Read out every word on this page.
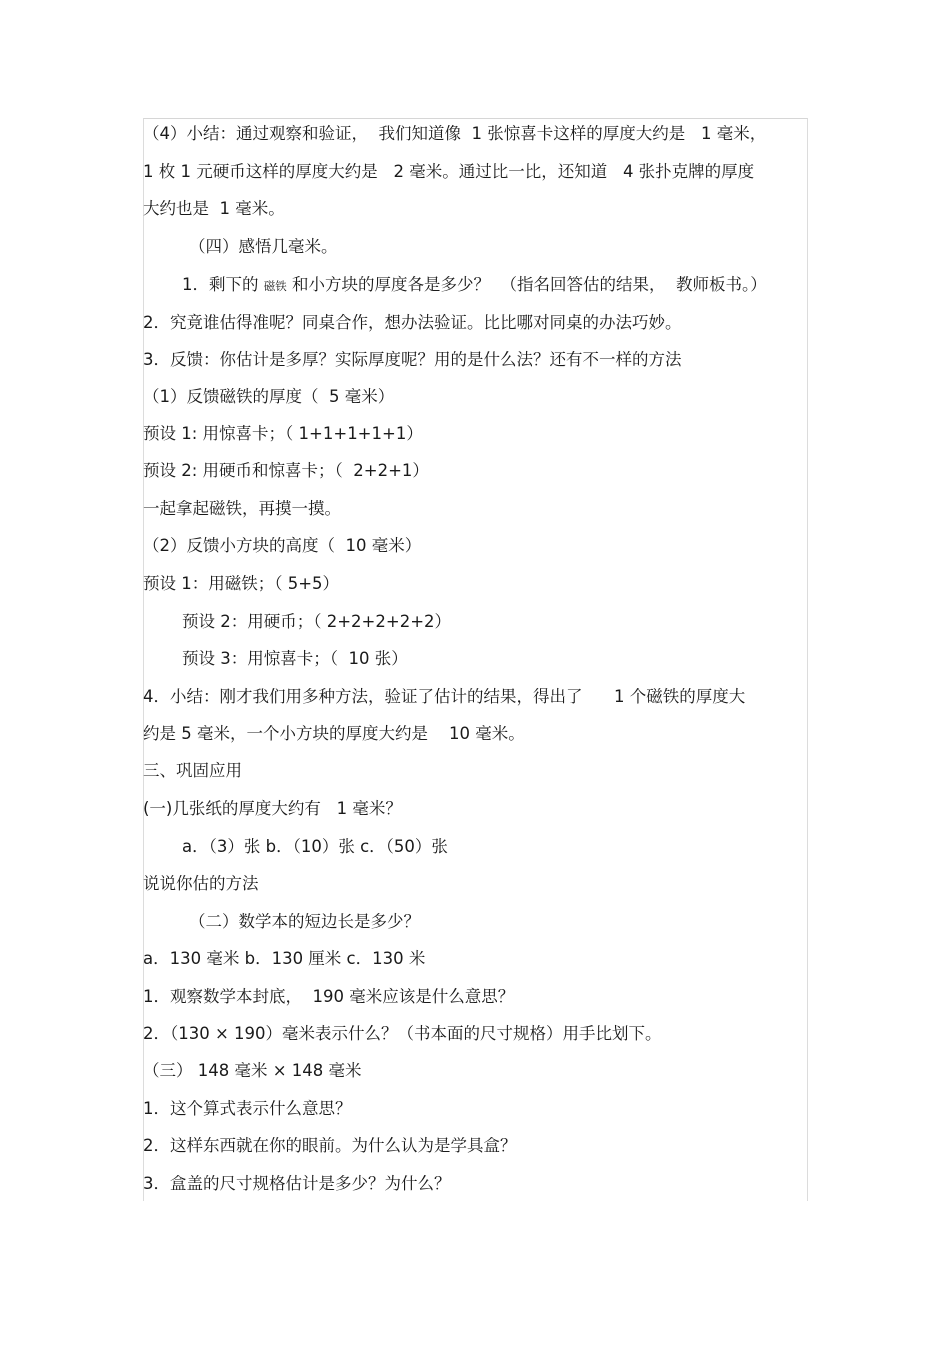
（4）小结：通过观察和验证，  我们知道像  1 张惊喜卡这样的厚度大约是   1 毫米，
1 枚 1 元硬币这样的厚度大约是   2 毫米。通过比一比，还知道   4 张扑克牌的厚度
大约也是  1 毫米。
（四）感悟几毫米。
1．剩下的 磁铁 和小方块的厚度各是多少？  （指名回答估的结果，  教师板书。）
2．究竟谁估得准呢？同桌合作，想办法验证。比比哪对同桌的办法巧妙。
3．反馈：你估计是多厚？实际厚度呢？用的是什么法？还有不一样的方法
（1）反馈磁铁的厚度（  5 毫米）
预设 1: 用惊喜卡；（ 1+1+1+1+1）
预设 2: 用硬币和惊喜卡；（  2+2+1）
一起拿起磁铁，再摸一摸。
（2）反馈小方块的高度（  10 毫米）
预设 1：用磁铁；（ 5+5）
预设 2：用硬币；（ 2+2+2+2+2）
预设 3：用惊喜卡；（  10 张）
4．小结：刚才我们用多种方法，验证了估计的结果，得出了      1 个磁铁的厚度大
约是 5 毫米，一个小方块的厚度大约是    10 毫米。
三、巩固应用
(一)几张纸的厚度大约有   1 毫米？
a．（3）张 b．（10）张 c．（50）张
说说你估的方法
（二）数学本的短边长是多少？
a．130 毫米 b．130 厘米 c．130 米
1．观察数学本封底，  190 毫米应该是什么意思？
2．（130 × 190）毫米表示什么？（书本面的尺寸规格）用手比划下。
（三） 148 毫米 × 148 毫米
1．这个算式表示什么意思？
2．这样东西就在你的眼前。为什么认为是学具盒？
3．盒盖的尺寸规格估计是多少？为什么？
